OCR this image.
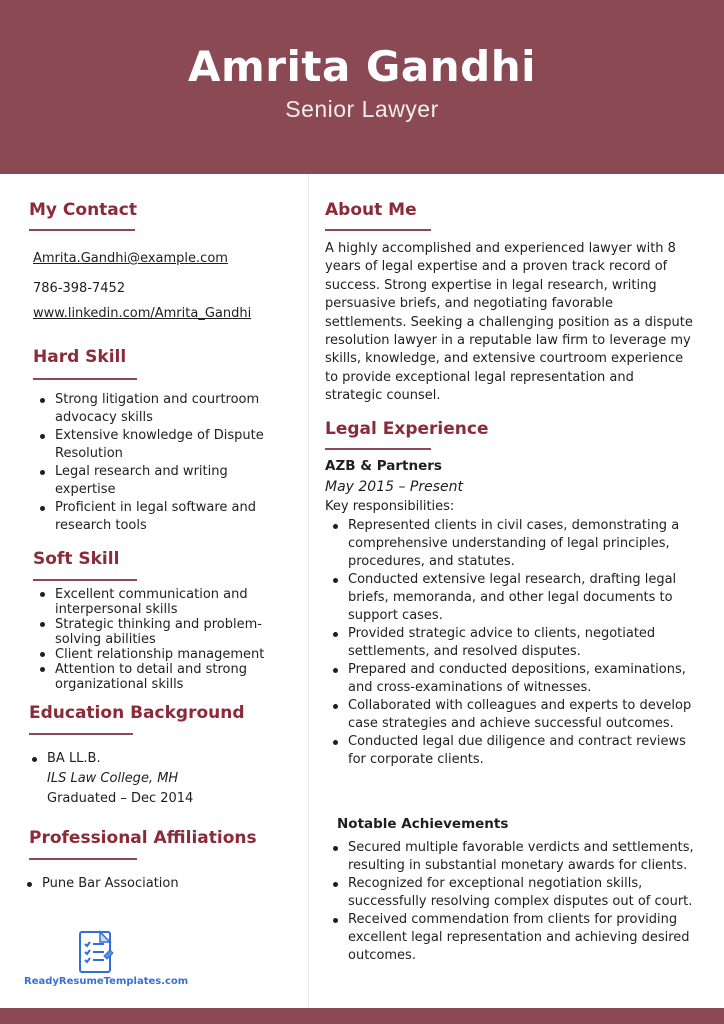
Amrita Gandhi
Senior Lawyer
My Contact
Amrita.Gandhi@example.com
786-398-7452
www.linkedin.com/Amrita_Gandhi
Hard Skill
Strong litigation and courtroom advocacy skills
Extensive knowledge of Dispute Resolution
Legal research and writing expertise
Proficient in legal software and research tools
Soft Skill
Excellent communication and interpersonal skills
Strategic thinking and problem-solving abilities
Client relationship management
Attention to detail and strong organizational skills
Education Background
BA LL.B.
ILS Law College, MH
Graduated – Dec 2014
Professional Affiliations
Pune Bar Association
ReadyResumeTemplates.com
About Me
A highly accomplished and experienced lawyer with 8 years of legal expertise and a proven track record of success. Strong expertise in legal research, writing persuasive briefs, and negotiating favorable settlements. Seeking a challenging position as a dispute resolution lawyer in a reputable law firm to leverage my skills, knowledge, and extensive courtroom experience to provide exceptional legal representation and strategic counsel.
Legal Experience
AZB & Partners
May 2015 – Present
Key responsibilities:
Represented clients in civil cases, demonstrating a comprehensive understanding of legal principles, procedures, and statutes.
Conducted extensive legal research, drafting legal briefs, memoranda, and other legal documents to support cases.
Provided strategic advice to clients, negotiated settlements, and resolved disputes.
Prepared and conducted depositions, examinations, and cross-examinations of witnesses.
Collaborated with colleagues and experts to develop case strategies and achieve successful outcomes.
Conducted legal due diligence and contract reviews for corporate clients.
Notable Achievements
Secured multiple favorable verdicts and settlements, resulting in substantial monetary awards for clients.
Recognized for exceptional negotiation skills, successfully resolving complex disputes out of court.
Received commendation from clients for providing excellent legal representation and achieving desired outcomes.
